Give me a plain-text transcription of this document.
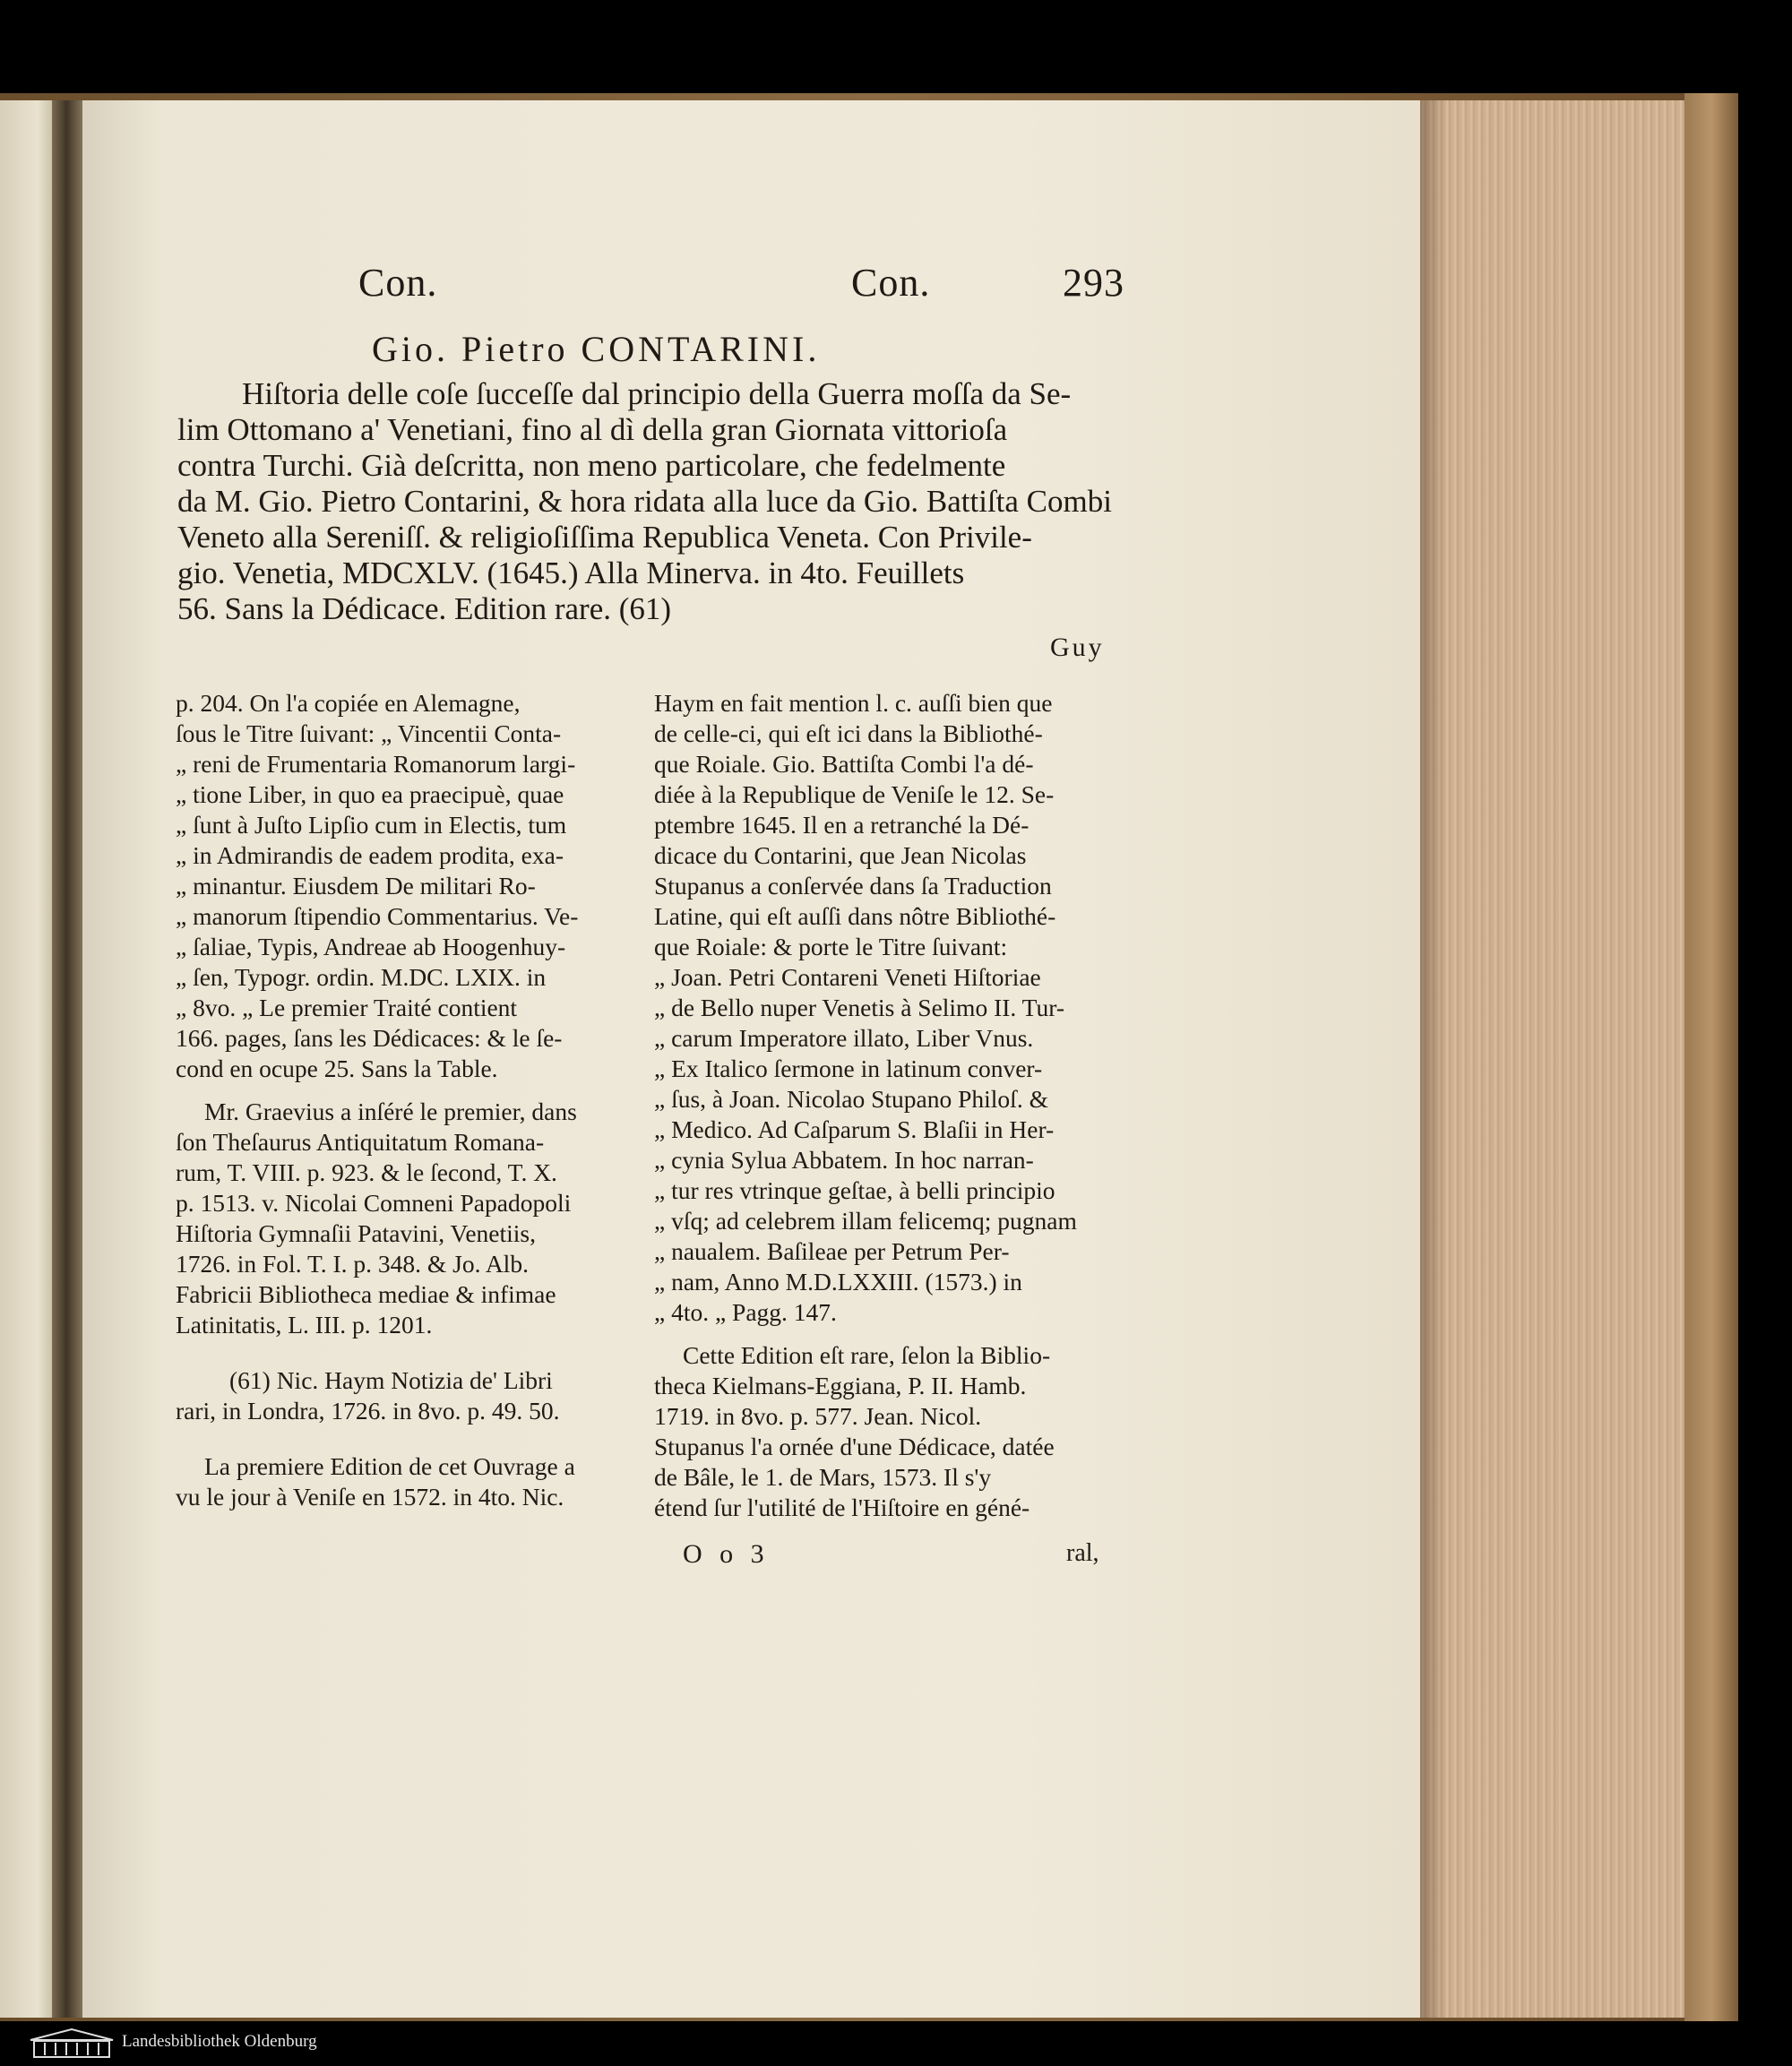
Con.	Con.	293
Gio. Pietro CONTARINI.
Hiſtoria delle coſe ſucceſſe dal principio della Guerra moſſa da Se-
lim Ottomano a' Venetiani, fino al dì della gran Giornata vittorioſa
contra Turchi. Già deſcritta, non meno particolare, che fedelmente
da M. Gio. Pietro Contarini, & hora ridata alla luce da Gio. Battiſta Combi
Veneto alla Sereniſſ. & religioſiſſima Republica Veneta. Con Privile-
gio. Venetia, MDCXLV. (1645.) Alla Minerva. in 4to. Feuillets
56. Sans la Dédicace. Edition rare. (61)
Guy
p. 204. On l'a copiée en Alemagne,
ſous le Titre ſuivant: „ Vincentii Conta-
„ reni de Frumentaria Romanorum largi-
„ tione Liber, in quo ea praecipuè, quae
„ ſunt à Juſto Lipſio cum in Electis, tum
„ in Admirandis de eadem prodita, exa-
„ minantur. Eiusdem De militari Ro-
„ manorum ſtipendio Commentarius. Ve-
„ ſaliae, Typis, Andreae ab Hoogenhuy-
„ ſen, Typogr. ordin. M.DC. LXIX. in
„ 8vo. „ Le premier Traité contient
166. pages, ſans les Dédicaces: & le ſe-
cond en ocupe 25. Sans la Table.
Mr. Graevius a inſéré le premier, dans
ſon Theſaurus Antiquitatum Romana-
rum, T. VIII. p. 923. & le ſecond, T. X.
p. 1513. v. Nicolai Comneni Papadopoli
Hiſtoria Gymnaſii Patavini, Venetiis,
1726. in Fol. T. I. p. 348. & Jo. Alb.
Fabricii Bibliotheca mediae & infimae
Latinitatis, L. III. p. 1201.
(61) Nic. Haym Notizia de' Libri
rari, in Londra, 1726. in 8vo. p. 49. 50.
La premiere Edition de cet Ouvrage a
vu le jour à Veniſe en 1572. in 4to. Nic.
Haym en fait mention l. c. auſſi bien que
de celle-ci, qui eſt ici dans la Bibliothé-
que Roiale. Gio. Battiſta Combi l'a dé-
diée à la Republique de Veniſe le 12. Se-
ptembre 1645. Il en a retranché la Dé-
dicace du Contarini, que Jean Nicolas
Stupanus a conſervée dans ſa Traduction
Latine, qui eſt auſſi dans nôtre Bibliothé-
que Roiale: & porte le Titre ſuivant:
„ Joan. Petri Contareni Veneti Hiſtoriae
„ de Bello nuper Venetis à Selimo II. Tur-
„ carum Imperatore illato, Liber Vnus.
„ Ex Italico ſermone in latinum conver-
„ ſus, à Joan. Nicolao Stupano Philoſ. &
„ Medico. Ad Caſparum S. Blaſii in Her-
„ cynia Sylua Abbatem. In hoc narran-
„ tur res vtrinque geſtae, à belli principio
„ vſq; ad celebrem illam felicemq; pugnam
„ naualem. Baſileae per Petrum Per-
„ nam, Anno M.D.LXXIII. (1573.) in
„ 4to. „ Pagg. 147.
Cette Edition eſt rare, ſelon la Biblio-
theca Kielmans-Eggiana, P. II. Hamb.
1719. in 8vo. p. 577. Jean. Nicol.
Stupanus l'a ornée d'une Dédicace, datée
de Bâle, le 1. de Mars, 1573. Il s'y
étend ſur l'utilité de l'Hiſtoire en géné-
O o 3	ral,
Landesbibliothek Oldenburg
